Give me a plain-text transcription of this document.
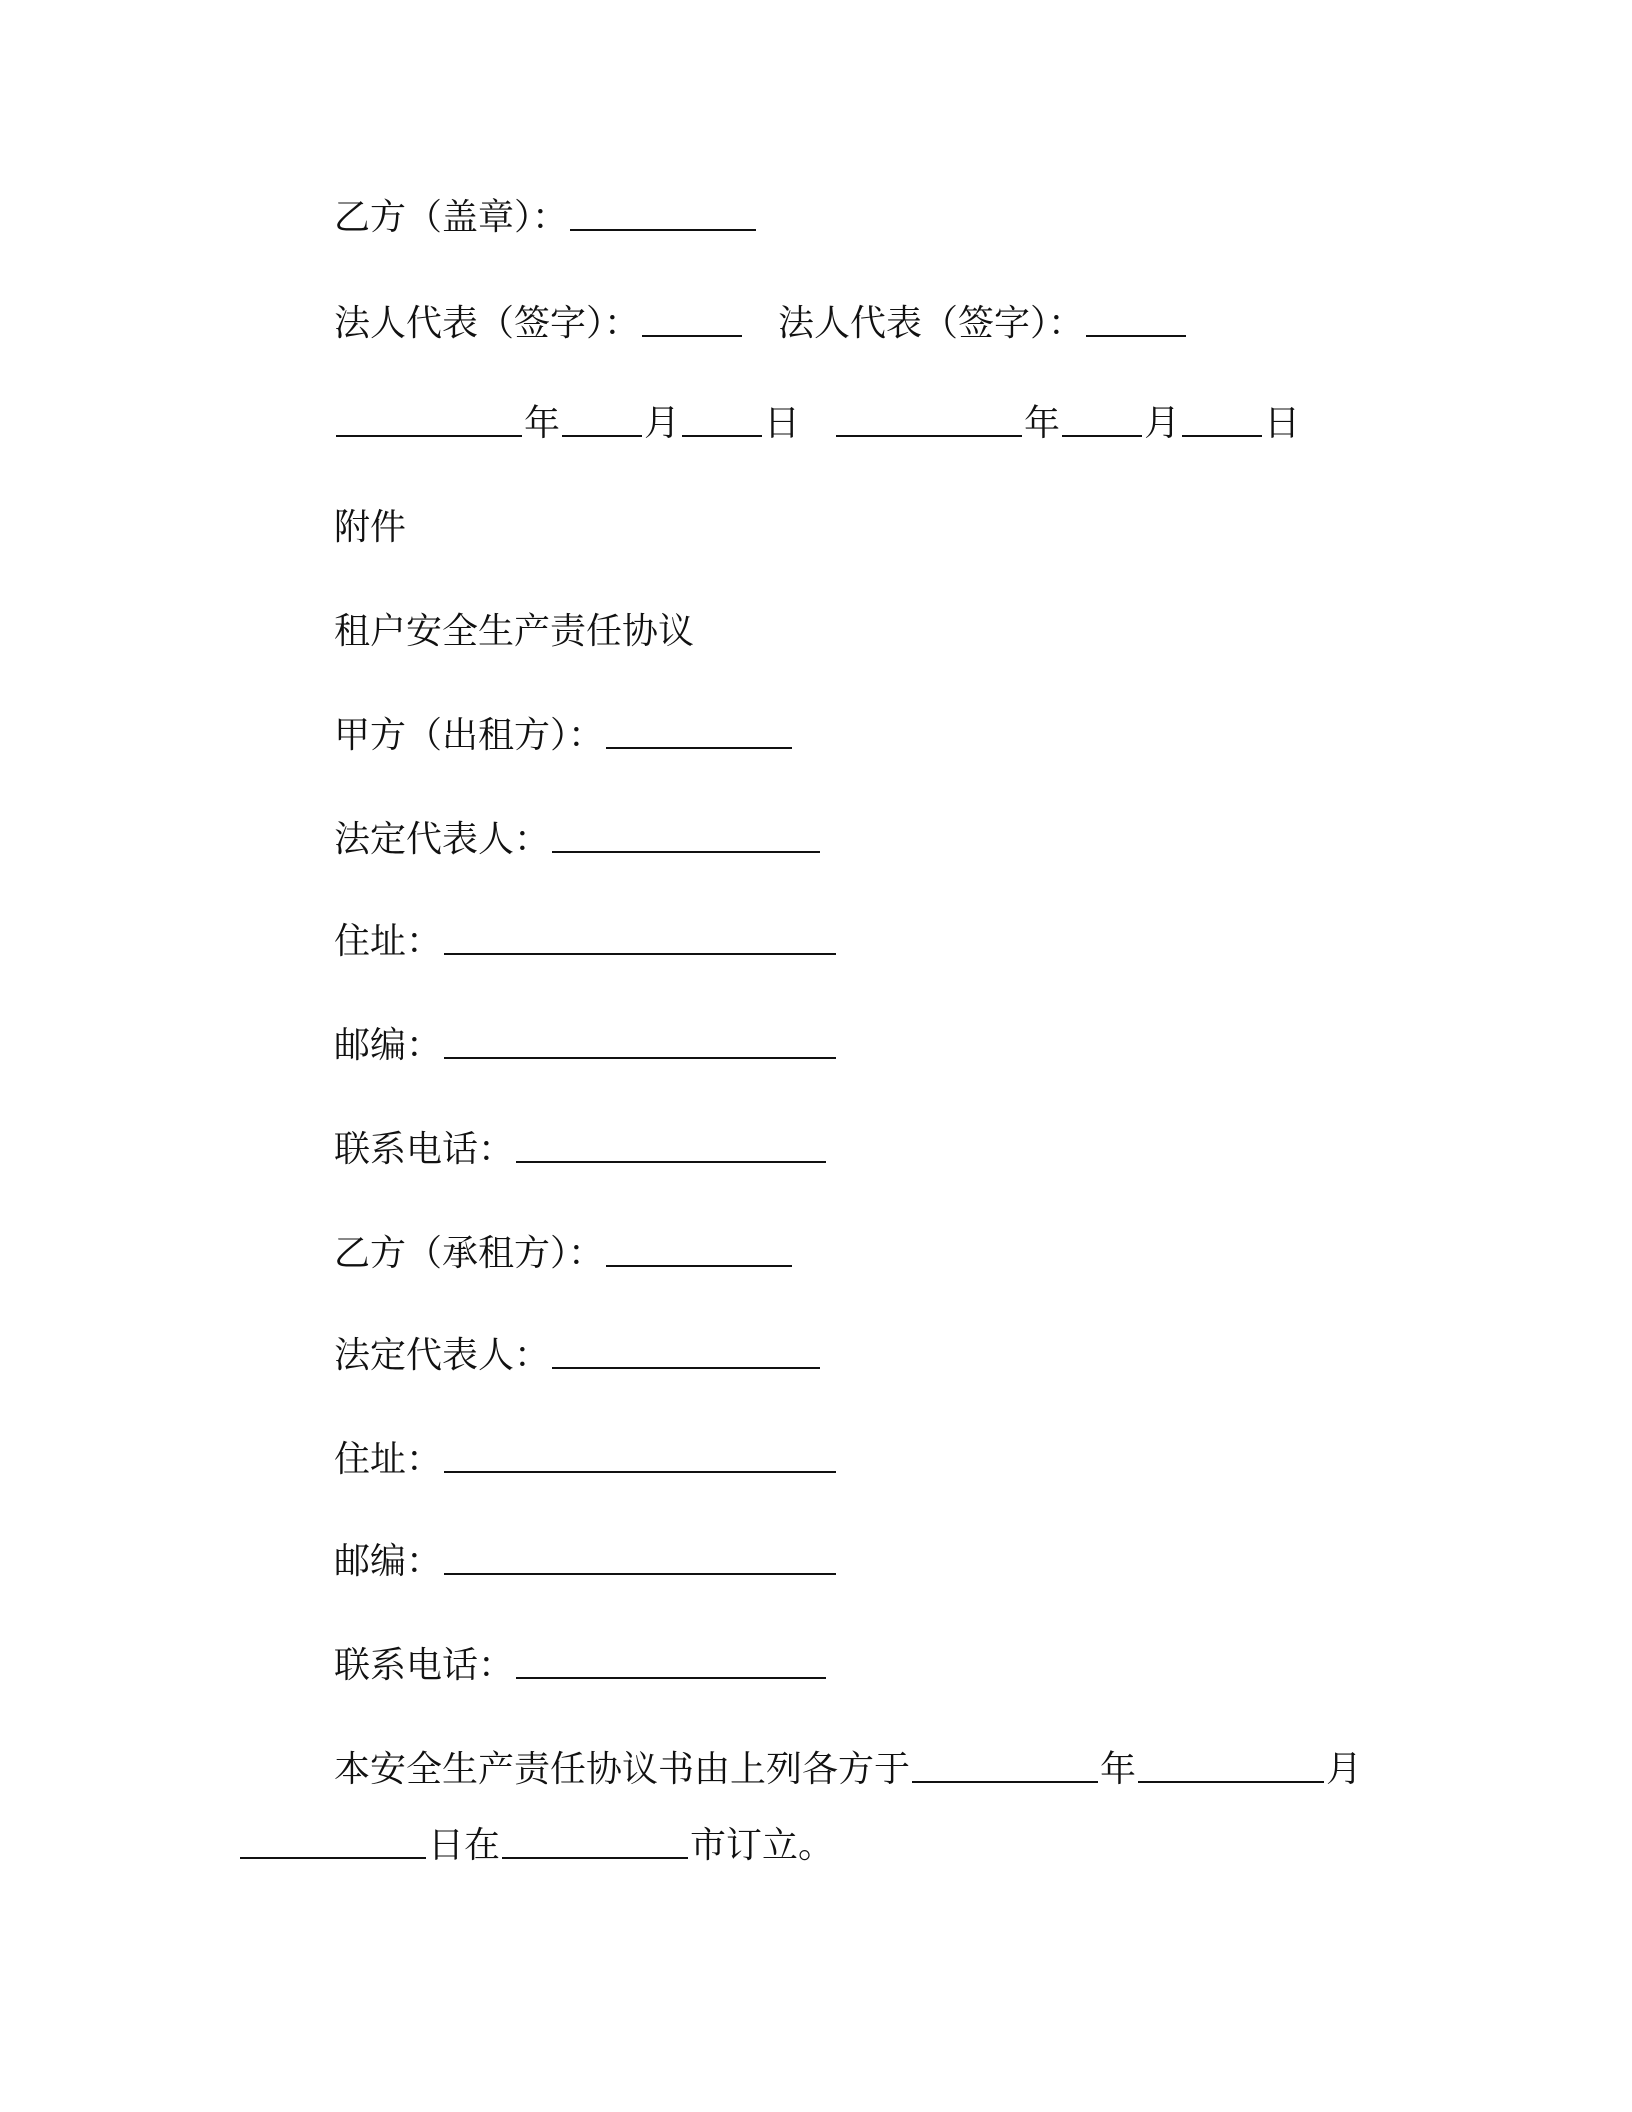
乙方（盖章）：

法人代表（签字）：	法人代表（签字）：

年 月 日	年 月 日

附件

租户安全生产责任协议

甲方（出租方）：

法定代表人：

住址：

邮编：

联系电话：

乙方（承租方）：

法定代表人：

住址：

邮编：

联系电话：

本安全生产责任协议书由上列各方于	年	月

日在	市订立。
